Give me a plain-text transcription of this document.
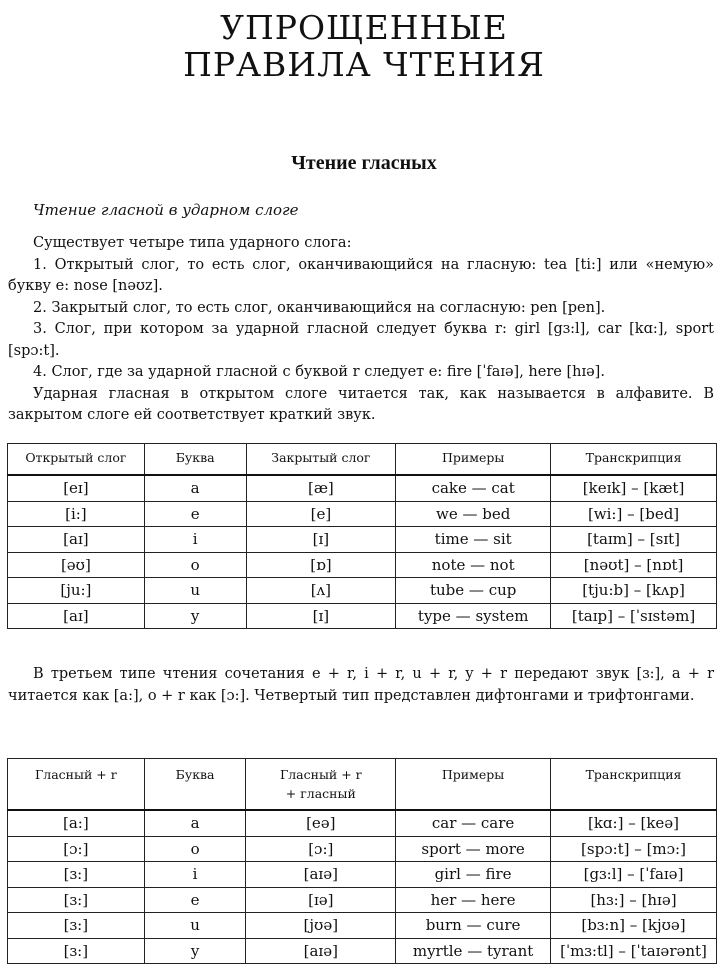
УПРОЩЕННЫЕ
ПРАВИЛА ЧТЕНИЯ
Чтение гласных
Чтение гласной в ударном слоге

Существует четыре типа ударного слога:

1. Открытый слог, то есть слог, оканчивающийся на гласную: tea [ti:] или «немую» букву e: nose [nəʊz].

2. Закрытый слог, то есть слог, оканчивающийся на согласную: pen [pen].

3. Слог, при котором за ударной гласной следует буква r: girl [gɜ:l], car [kɑ:], sport [spɔ:t].

4. Слог, где за ударной гласной с буквой r следует e: fire [ˈfaɪə], here [hɪə].

Ударная гласная в открытом слоге читается так, как называется в алфавите. В закрытом слоге ей соответствует краткий звук.

Открытый слог	Буква	Закрытый слог	Примеры	Транскрипция
[eɪ]	a	[æ]	cake — cat	[keɪk] – [kæt]
[i:]	e	[e]	we — bed	[wi:] – [bed]
[aɪ]	i	[ɪ]	time — sit	[taɪm] – [sɪt]
[əʊ]	o	[ɒ]	note — not	[nəʊt] – [nɒt]
[ju:]	u	[ʌ]	tube — cup	[tju:b] – [kʌp]
[aɪ]	y	[ɪ]	type — system	[taɪp] – [ˈsɪstəm]

В третьем типе чтения сочетания e + r, i + r, u + r, y + r передают звук [ɜ:], a + r читается как [a:], o + r как [ɔ:]. Четвертый тип представлен дифтонгами и трифтонгами.

Гласный + r	Буква	Гласный + r
+ гласный	Примеры	Транскрипция
[a:]	a	[eə]	car — care	[kɑ:] – [keə]
[ɔ:]	o	[ɔ:]	sport — more	[spɔ:t] – [mɔ:]
[ɜ:]	i	[aɪə]	girl — fire	[gɜ:l] – [ˈfaɪə]
[ɜ:]	e	[ɪə]	her — here	[hɜ:] – [hɪə]
[ɜ:]	u	[jʊə]	burn — cure	[bɜ:n] – [kjʊə]
[ɜ:]	y	[aɪə]	myrtle — tyrant	[ˈmɜ:tl] – [ˈtaɪərənt]
